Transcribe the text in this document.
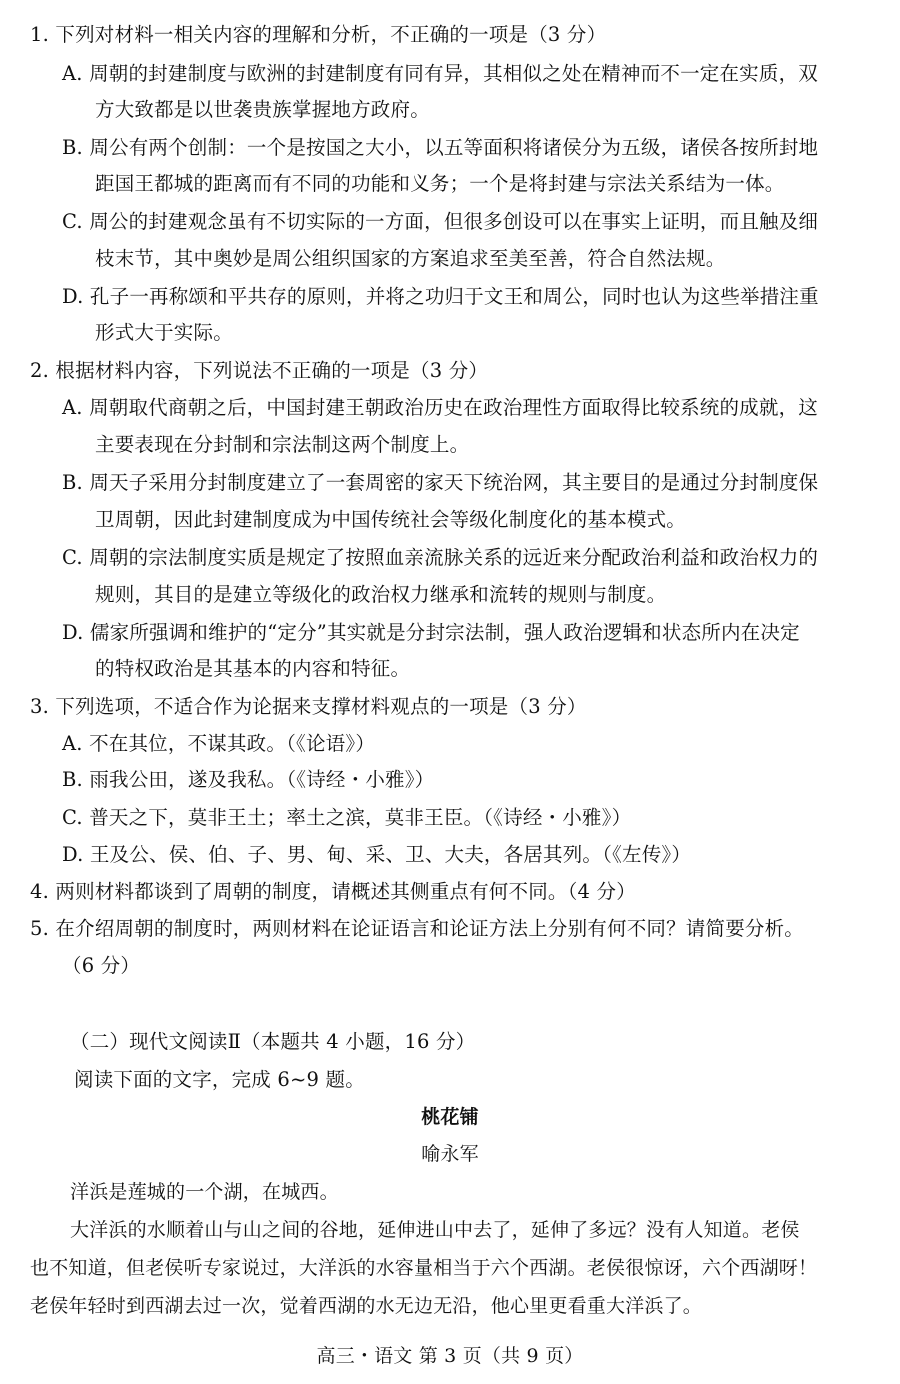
1. 下列对材料一相关内容的理解和分析，不正确的一项是（3 分）
A. 周朝的封建制度与欧洲的封建制度有同有异，其相似之处在精神而不一定在实质，双
方大致都是以世袭贵族掌握地方政府。
B. 周公有两个创制：一个是按国之大小，以五等面积将诸侯分为五级，诸侯各按所封地
距国王都城的距离而有不同的功能和义务；一个是将封建与宗法关系结为一体。
C. 周公的封建观念虽有不切实际的一方面，但很多创设可以在事实上证明，而且触及细
枝末节，其中奥妙是周公组织国家的方案追求至美至善，符合自然法规。
D. 孔子一再称颂和平共存的原则，并将之功归于文王和周公，同时也认为这些举措注重
形式大于实际。
2. 根据材料内容，下列说法不正确的一项是（3 分）
A. 周朝取代商朝之后，中国封建王朝政治历史在政治理性方面取得比较系统的成就，这
主要表现在分封制和宗法制这两个制度上。
B. 周天子采用分封制度建立了一套周密的家天下统治网，其主要目的是通过分封制度保
卫周朝，因此封建制度成为中国传统社会等级化制度化的基本模式。
C. 周朝的宗法制度实质是规定了按照血亲流脉关系的远近来分配政治利益和政治权力的
规则，其目的是建立等级化的政治权力继承和流转的规则与制度。
D. 儒家所强调和维护的“定分”其实就是分封宗法制，强人政治逻辑和状态所内在决定
的特权政治是其基本的内容和特征。
3. 下列选项，不适合作为论据来支撑材料观点的一项是（3 分）
A. 不在其位，不谋其政。（《论语》）
B. 雨我公田，遂及我私。（《诗经・小雅》）
C. 普天之下，莫非王土；率土之滨，莫非王臣。（《诗经・小雅》）
D. 王及公、侯、伯、子、男、甸、采、卫、大夫，各居其列。（《左传》）
4. 两则材料都谈到了周朝的制度，请概述其侧重点有何不同。（4 分）
5. 在介绍周朝的制度时，两则材料在论证语言和论证方法上分别有何不同？请简要分析。
（6 分）
（二）现代文阅读Ⅱ（本题共 4 小题，16 分）
阅读下面的文字，完成 6~9 题。
桃花铺
喻永军
洋浜是莲城的一个湖，在城西。
大洋浜的水顺着山与山之间的谷地，延伸进山中去了，延伸了多远？没有人知道。老侯
也不知道，但老侯听专家说过，大洋浜的水容量相当于六个西湖。老侯很惊讶，六个西湖呀！
老侯年轻时到西湖去过一次，觉着西湖的水无边无沿，他心里更看重大洋浜了。
高三・语文 第 3 页（共 9 页）
